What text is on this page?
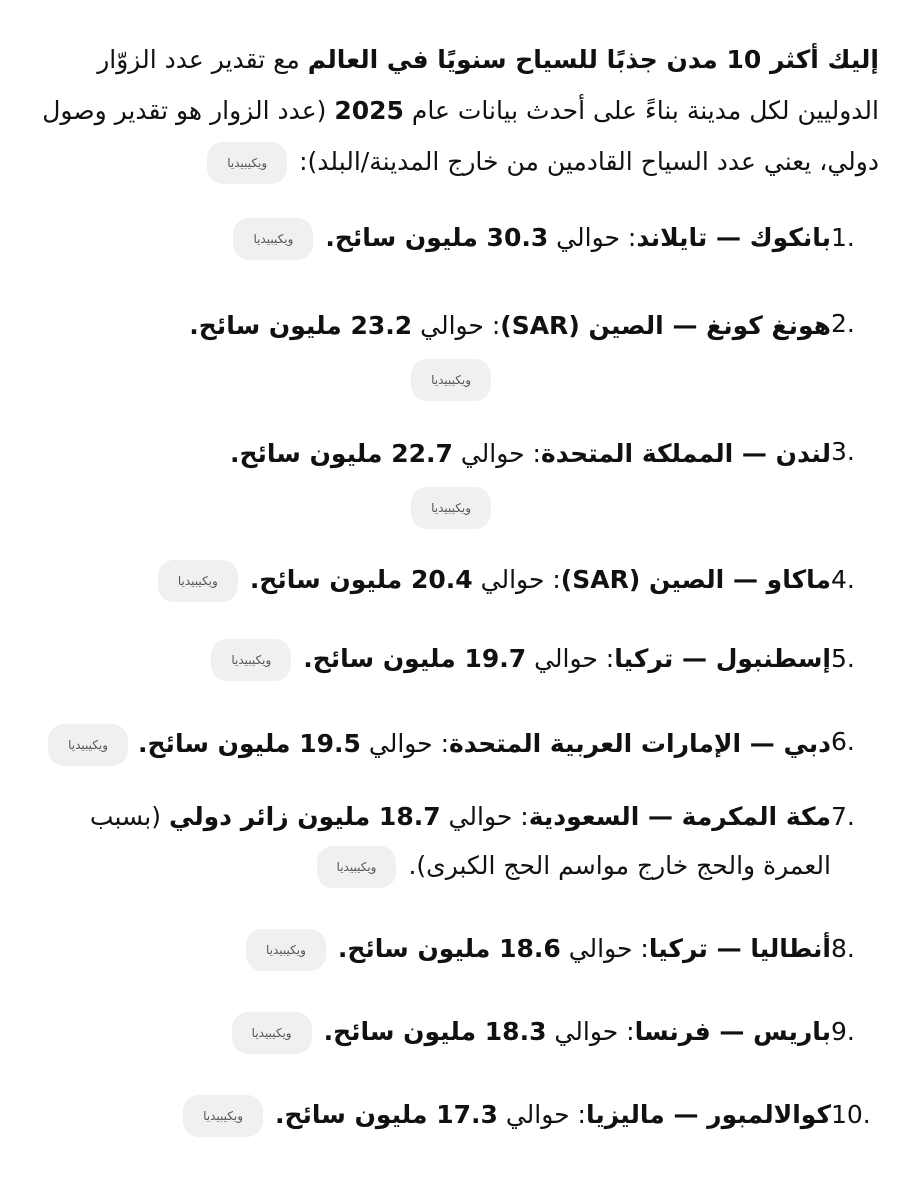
إليك أكثر 10 مدن جذبًا للسياح سنويًا في العالم مع تقدير عدد الزوّار الدوليين لكل مدينة بناءً على أحدث بيانات عام 2025 (عدد الزوار هو تقدير وصول دولي، يعني عدد السياح القادمين من خارج المدينة/البلد):ويكيبيديا

1.
بانكوك — تايلاند: حوالي 30.3 مليون سائح.ويكيبيديا
2.
هونغ كونغ — الصين (SAR): حوالي 23.2 مليون سائح.ويكيبيديا
3.
لندن — المملكة المتحدة: حوالي 22.7 مليون سائح.ويكيبيديا
4.
ماكاو — الصين (SAR): حوالي 20.4 مليون سائح.ويكيبيديا
5.
إسطنبول — تركيا: حوالي 19.7 مليون سائح.ويكيبيديا
6.
دبي — الإمارات العربية المتحدة: حوالي 19.5 مليون سائح.ويكيبيديا
7.
مكة المكرمة — السعودية: حوالي 18.7 مليون زائر دولي (بسبب العمرة والحج خارج مواسم الحج الكبرى).ويكيبيديا
8.
أنطاليا — تركيا: حوالي 18.6 مليون سائح.ويكيبيديا
9.
باريس — فرنسا: حوالي 18.3 مليون سائح.ويكيبيديا
10.
كوالالمبور — ماليزيا: حوالي 17.3 مليون سائح.ويكيبيديا
